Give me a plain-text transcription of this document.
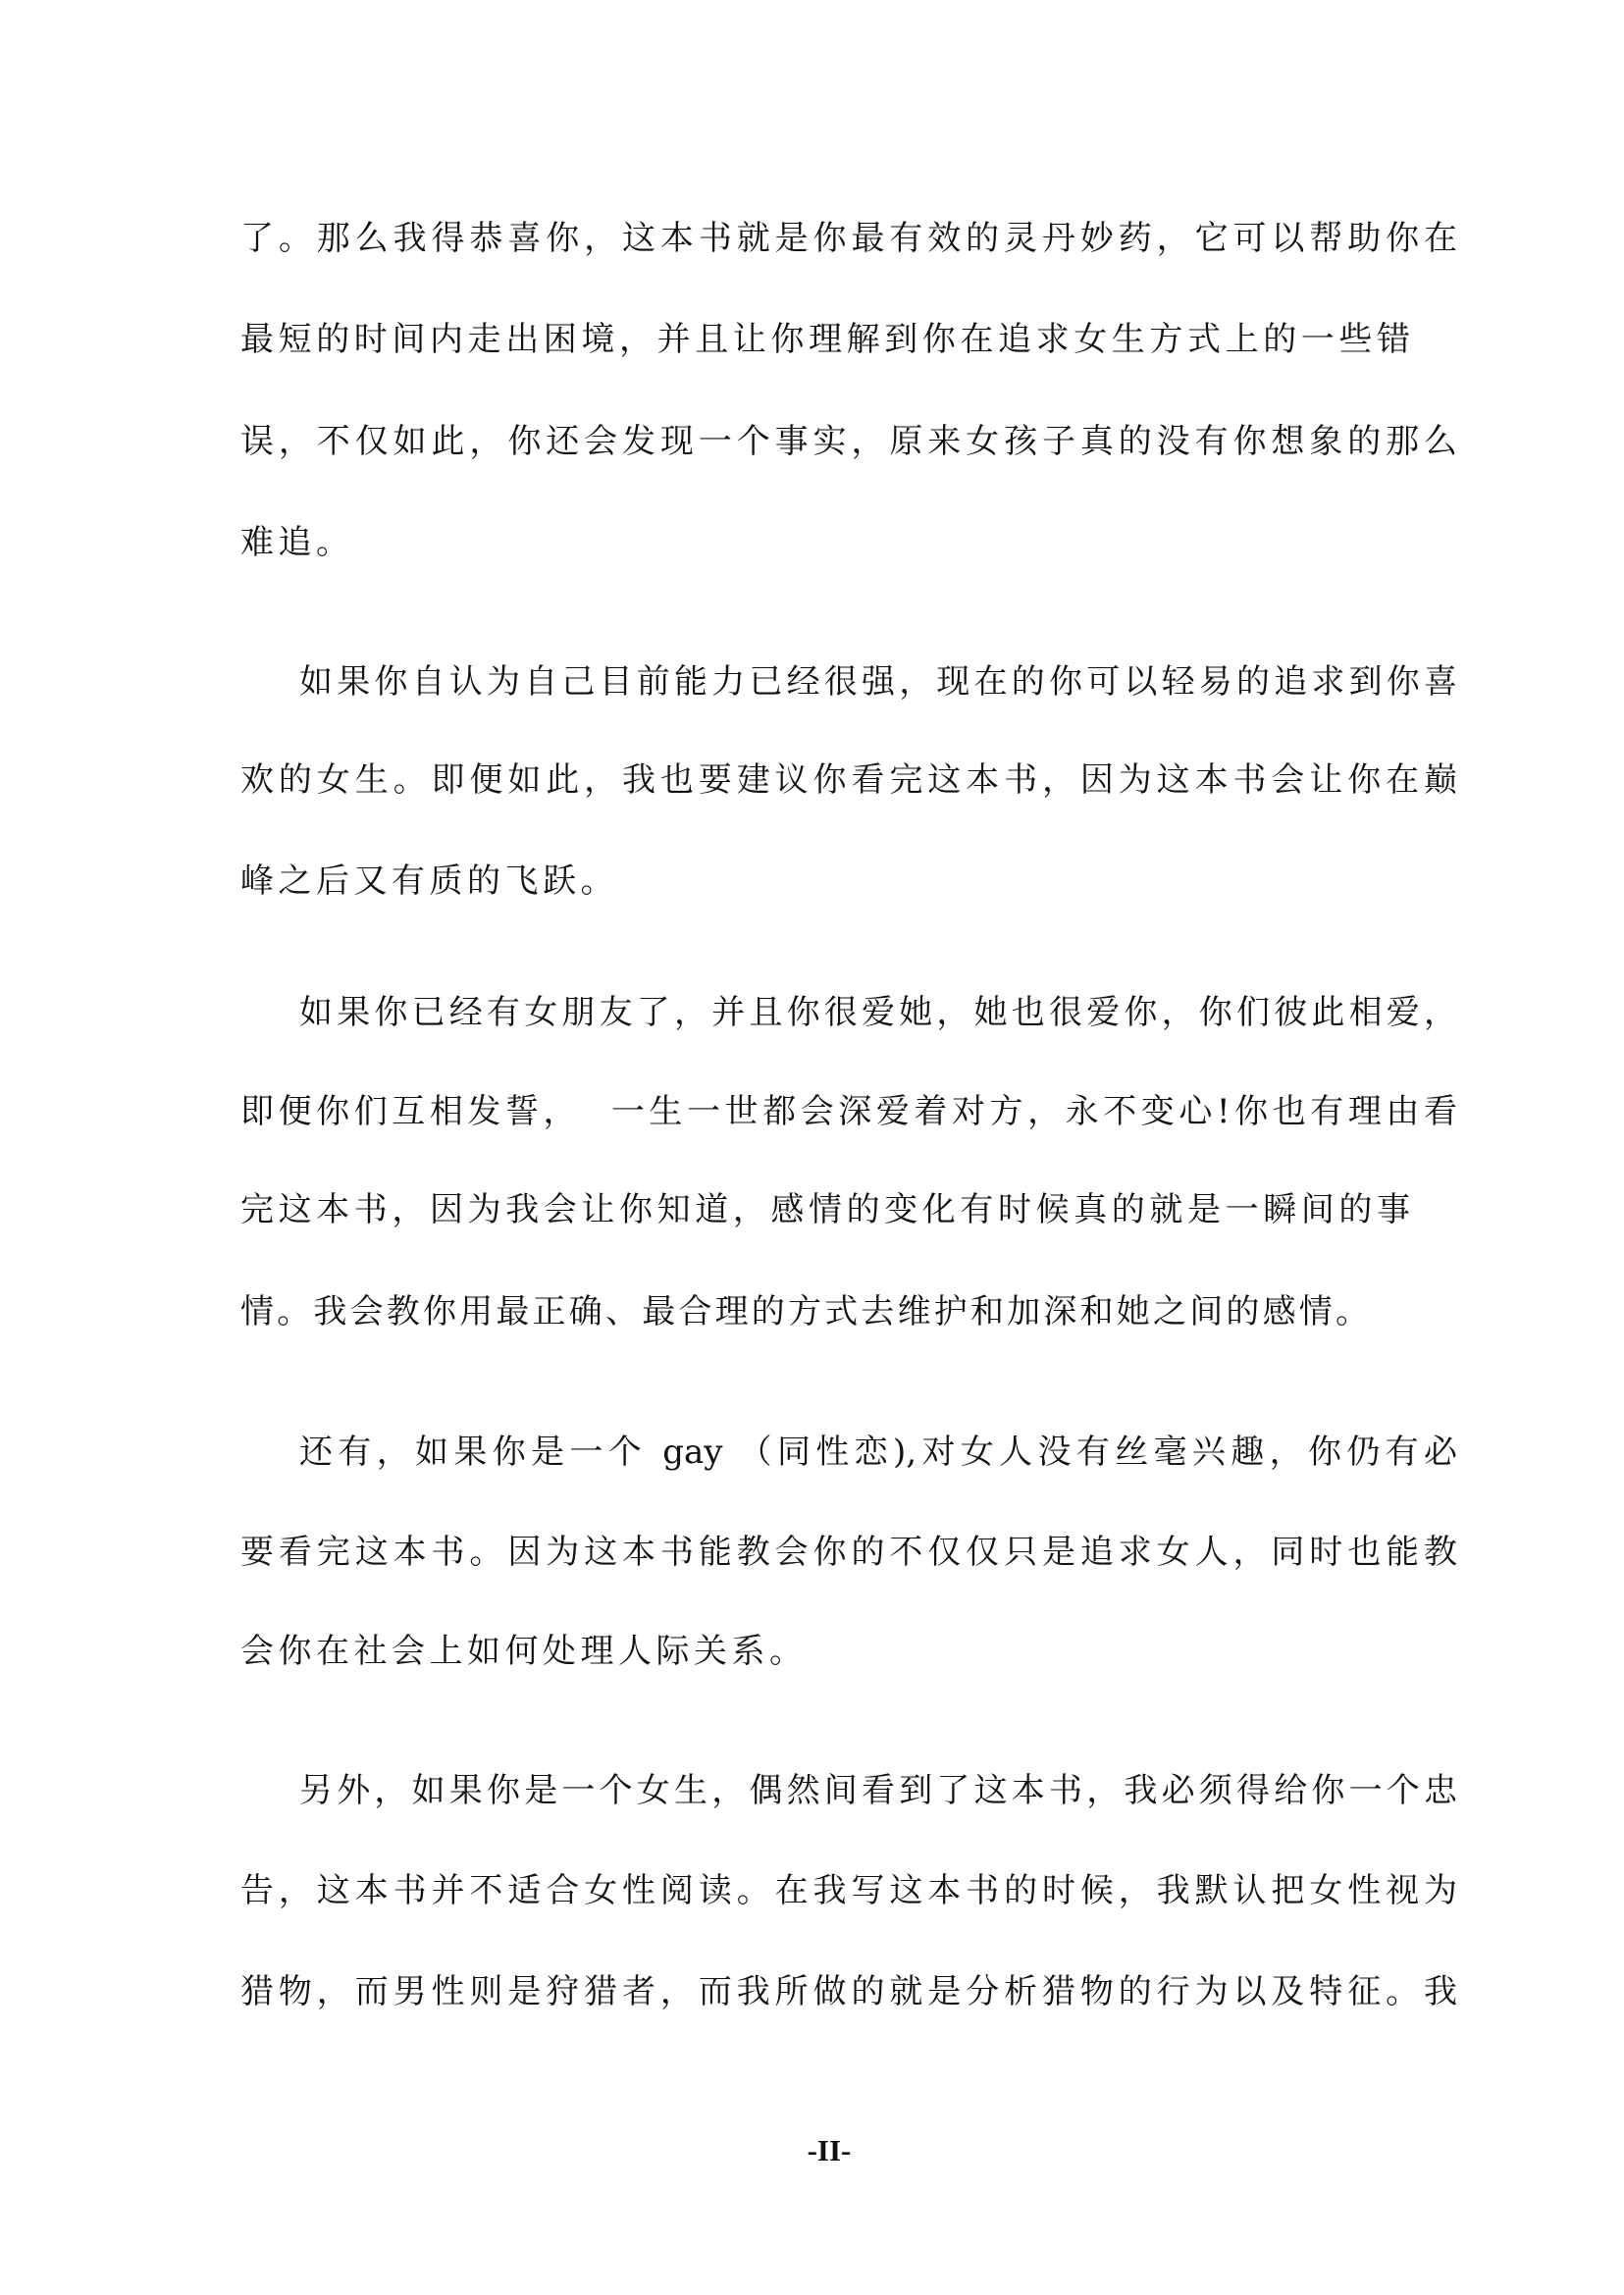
了。那么我得恭喜你，这本书就是你最有效的灵丹妙药，它可以帮助你在
最短的时间内走出困境，并且让你理解到你在追求女生方式上的一些错
误，不仅如此，你还会发现一个事实，原来女孩子真的没有你想象的那么
难追。
如果你自认为自己目前能力已经很强，现在的你可以轻易的追求到你喜
欢的女生。即便如此，我也要建议你看完这本书，因为这本书会让你在巅
峰之后又有质的飞跃。
如果你已经有女朋友了，并且你很爱她，她也很爱你，你们彼此相爱，
即便你们互相发誓，  一生一世都会深爱着对方，永不变心!你也有理由看
完这本书，因为我会让你知道，感情的变化有时候真的就是一瞬间的事
情。我会教你用最正确、最合理的方式去维护和加深和她之间的感情。
还有，如果你是一个 gay （同性恋),对女人没有丝毫兴趣，你仍有必
要看完这本书。因为这本书能教会你的不仅仅只是追求女人，同时也能教
会你在社会上如何处理人际关系。
另外，如果你是一个女生，偶然间看到了这本书，我必须得给你一个忠
告，这本书并不适合女性阅读。在我写这本书的时候，我默认把女性视为
猎物，而男性则是狩猎者，而我所做的就是分析猎物的行为以及特征。我
-II-
